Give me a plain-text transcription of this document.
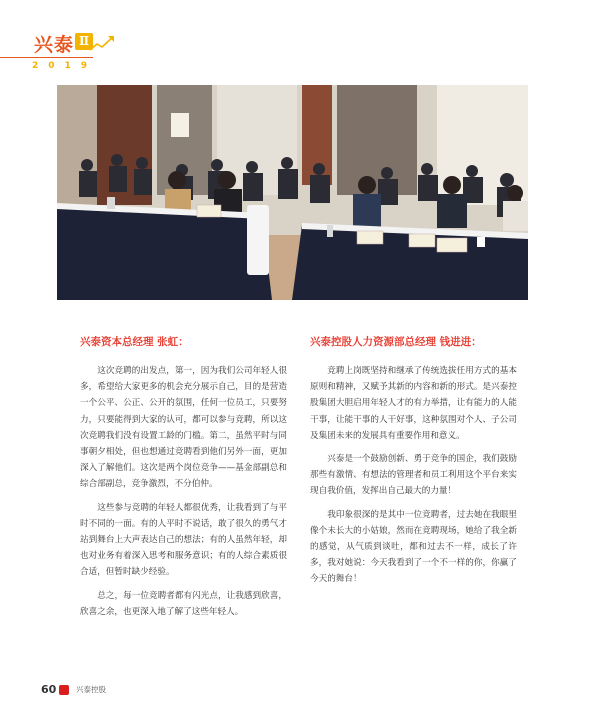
兴泰 Ⅱ
2019
兴泰资本总经理 张虹：

这次竞聘的出发点，第一，因为我们公司年轻人很多，希望给大家更多的机会充分展示自己，目的是营造一个公平、公正、公开的氛围，任何一位员工，只要努力，只要能得到大家的认可，都可以参与竞聘，所以这次竞聘我们没有设置工龄的门槛。第二，虽然平时与同事朝夕相处，但也想通过竞聘看到他们另外一面，更加深入了解他们。这次是两个岗位竞争——基金部副总和综合部副总，竞争激烈，不分伯仲。

这些参与竞聘的年轻人都很优秀，让我看到了与平时不同的一面。有的人平时不说话，敢了很久的勇气才站到舞台上大声表达自己的想法；有的人虽然年轻，却也对业务有着深入思考和服务意识；有的人综合素质很合适，但暂时缺少经验。

总之，每一位竞聘者都有闪光点，让我感到欣喜，欣喜之余，也更深入地了解了这些年轻人。

兴泰控股人力资源部总经理 钱进进：

竞聘上岗既坚持和继承了传统选拔任用方式的基本原则和精神，又赋予其新的内容和新的形式。是兴泰控股集团大胆启用年轻人才的有力举措，让有能力的人能干事，让能干事的人干好事，这种氛围对个人、子公司及集团未来的发展具有重要作用和意义。

兴泰是一个鼓励创新、勇于竞争的国企，我们鼓励那些有激情、有想法的管理者和员工利用这个平台来实现自我价值，发挥出自己最大的力量！

我印象很深的是其中一位竞聘者，过去她在我眼里像个未长大的小姑娘，然而在竞聘现场，她给了我全新的感觉，从气质到谈吐，都和过去不一样，成长了许多，我对她说：今天我看到了一个不一样的你，你赢了今天的舞台！

60	兴泰控股
